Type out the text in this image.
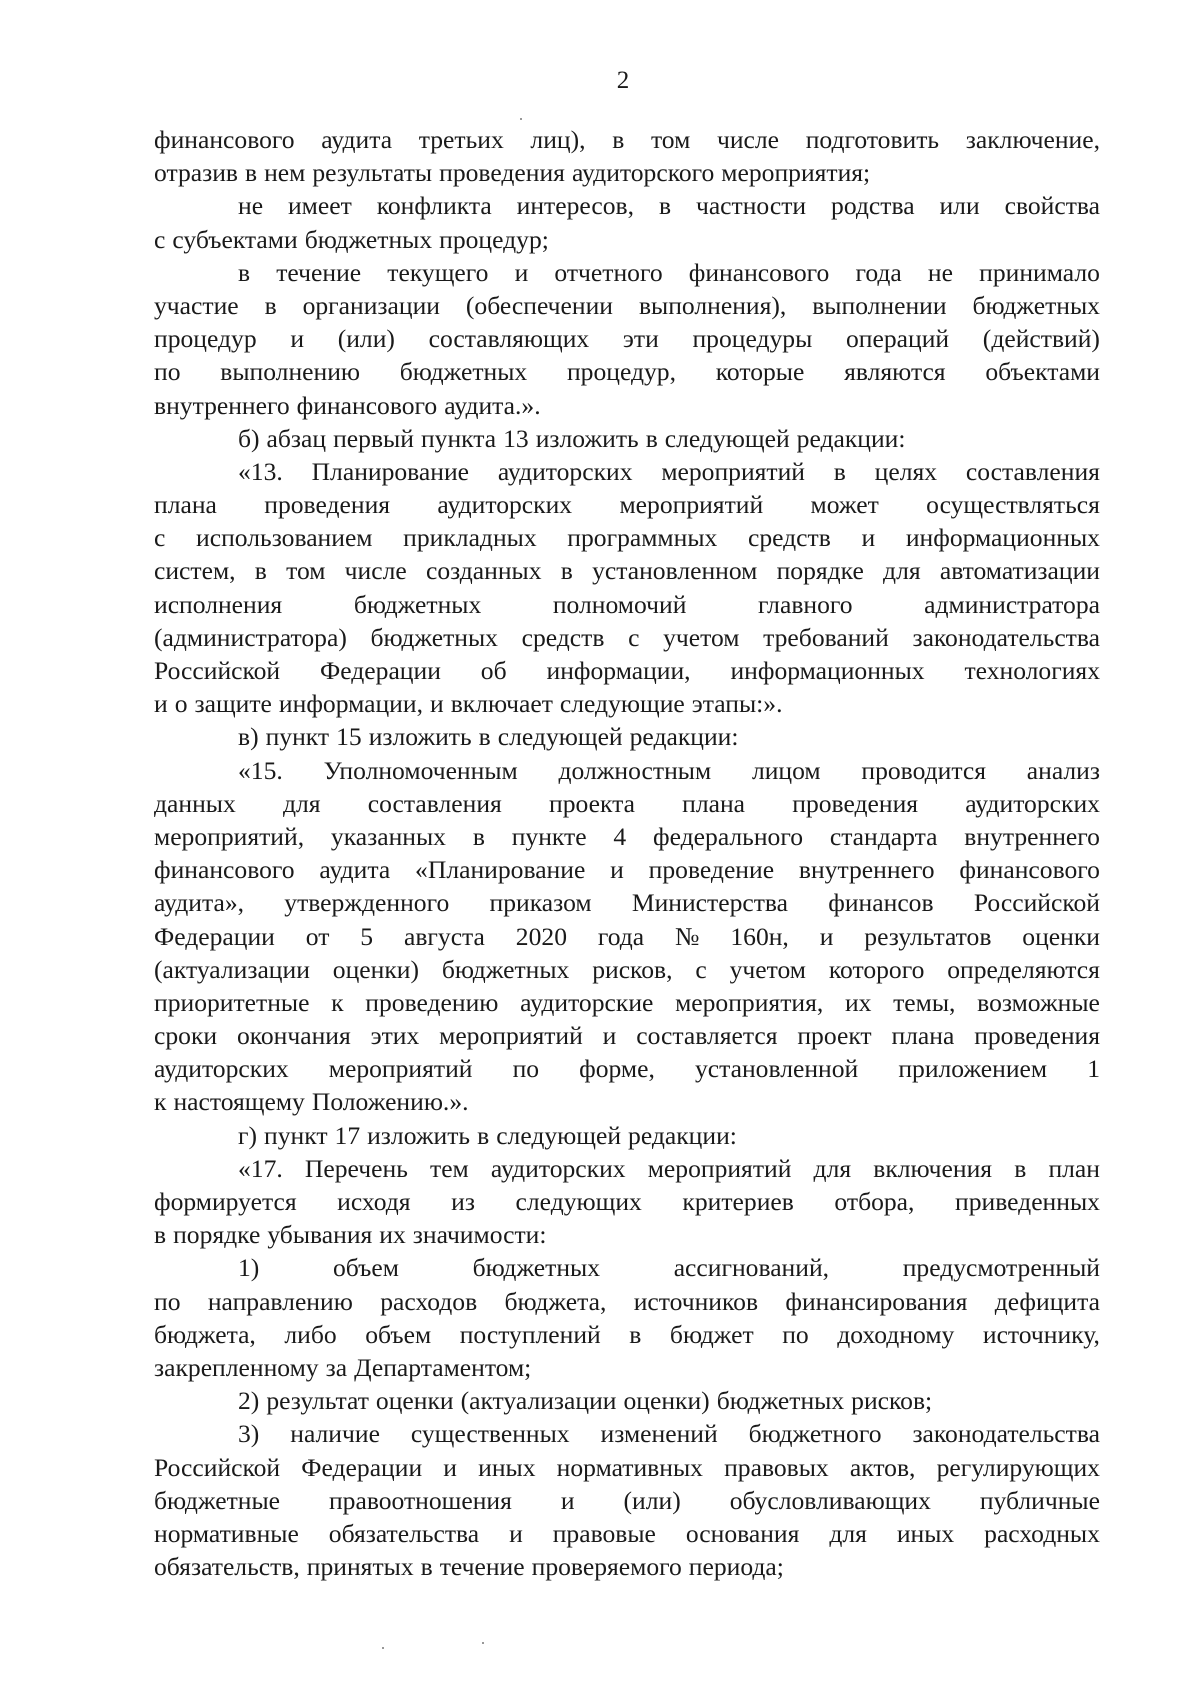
2
финансового аудита третьих лиц), в том числе подготовить заключение,
отразив в нем результаты проведения аудиторского мероприятия;
не имеет конфликта интересов, в частности родства или свойства
с субъектами бюджетных процедур;
в течение текущего и отчетного финансового года не принимало
участие в организации (обеспечении выполнения), выполнении бюджетных
процедур и (или) составляющих эти процедуры операций (действий)
по выполнению бюджетных процедур, которые являются объектами
внутреннего финансового аудита.».
б) абзац первый пункта 13 изложить в следующей редакции:
«13. Планирование аудиторских мероприятий в целях составления
плана проведения аудиторских мероприятий может осуществляться
с использованием прикладных программных средств и информационных
систем, в том числе созданных в установленном порядке для автоматизации
исполнения	бюджетных	полномочий	главного	администратора
(администратора) бюджетных средств с учетом требований законодательства
Российской Федерации об информации, информационных технологиях
и о защите информации, и включает следующие этапы:».
в) пункт 15 изложить в следующей редакции:
«15. Уполномоченным должностным лицом проводится анализ
данных для составления проекта плана проведения аудиторских
мероприятий, указанных в пункте 4 федерального стандарта внутреннего
финансового аудита «Планирование и проведение внутреннего финансового
аудита», утвержденного приказом Министерства финансов Российской
Федерации от 5 августа 2020 года № 160н, и результатов оценки
(актуализации оценки) бюджетных рисков, с учетом которого определяются
приоритетные к проведению аудиторские мероприятия, их темы, возможные
сроки окончания этих мероприятий и составляется проект плана проведения
аудиторских мероприятий по форме, установленной приложением 1
к настоящему Положению.».
г) пункт 17 изложить в следующей редакции:
«17. Перечень тем аудиторских мероприятий для включения в план
формируется исходя из следующих критериев отбора, приведенных
в порядке убывания их значимости:
1)	объем	бюджетных	ассигнований,	предусмотренный
по направлению расходов бюджета, источников финансирования дефицита
бюджета, либо объем поступлений в бюджет по доходному источнику,
закрепленному за Департаментом;
2) результат оценки (актуализации оценки) бюджетных рисков;
3) наличие существенных изменений бюджетного законодательства
Российской Федерации и иных нормативных правовых актов, регулирующих
бюджетные правоотношения и (или) обусловливающих публичные
нормативные обязательства и правовые основания для иных расходных
обязательств, принятых в течение проверяемого периода;
